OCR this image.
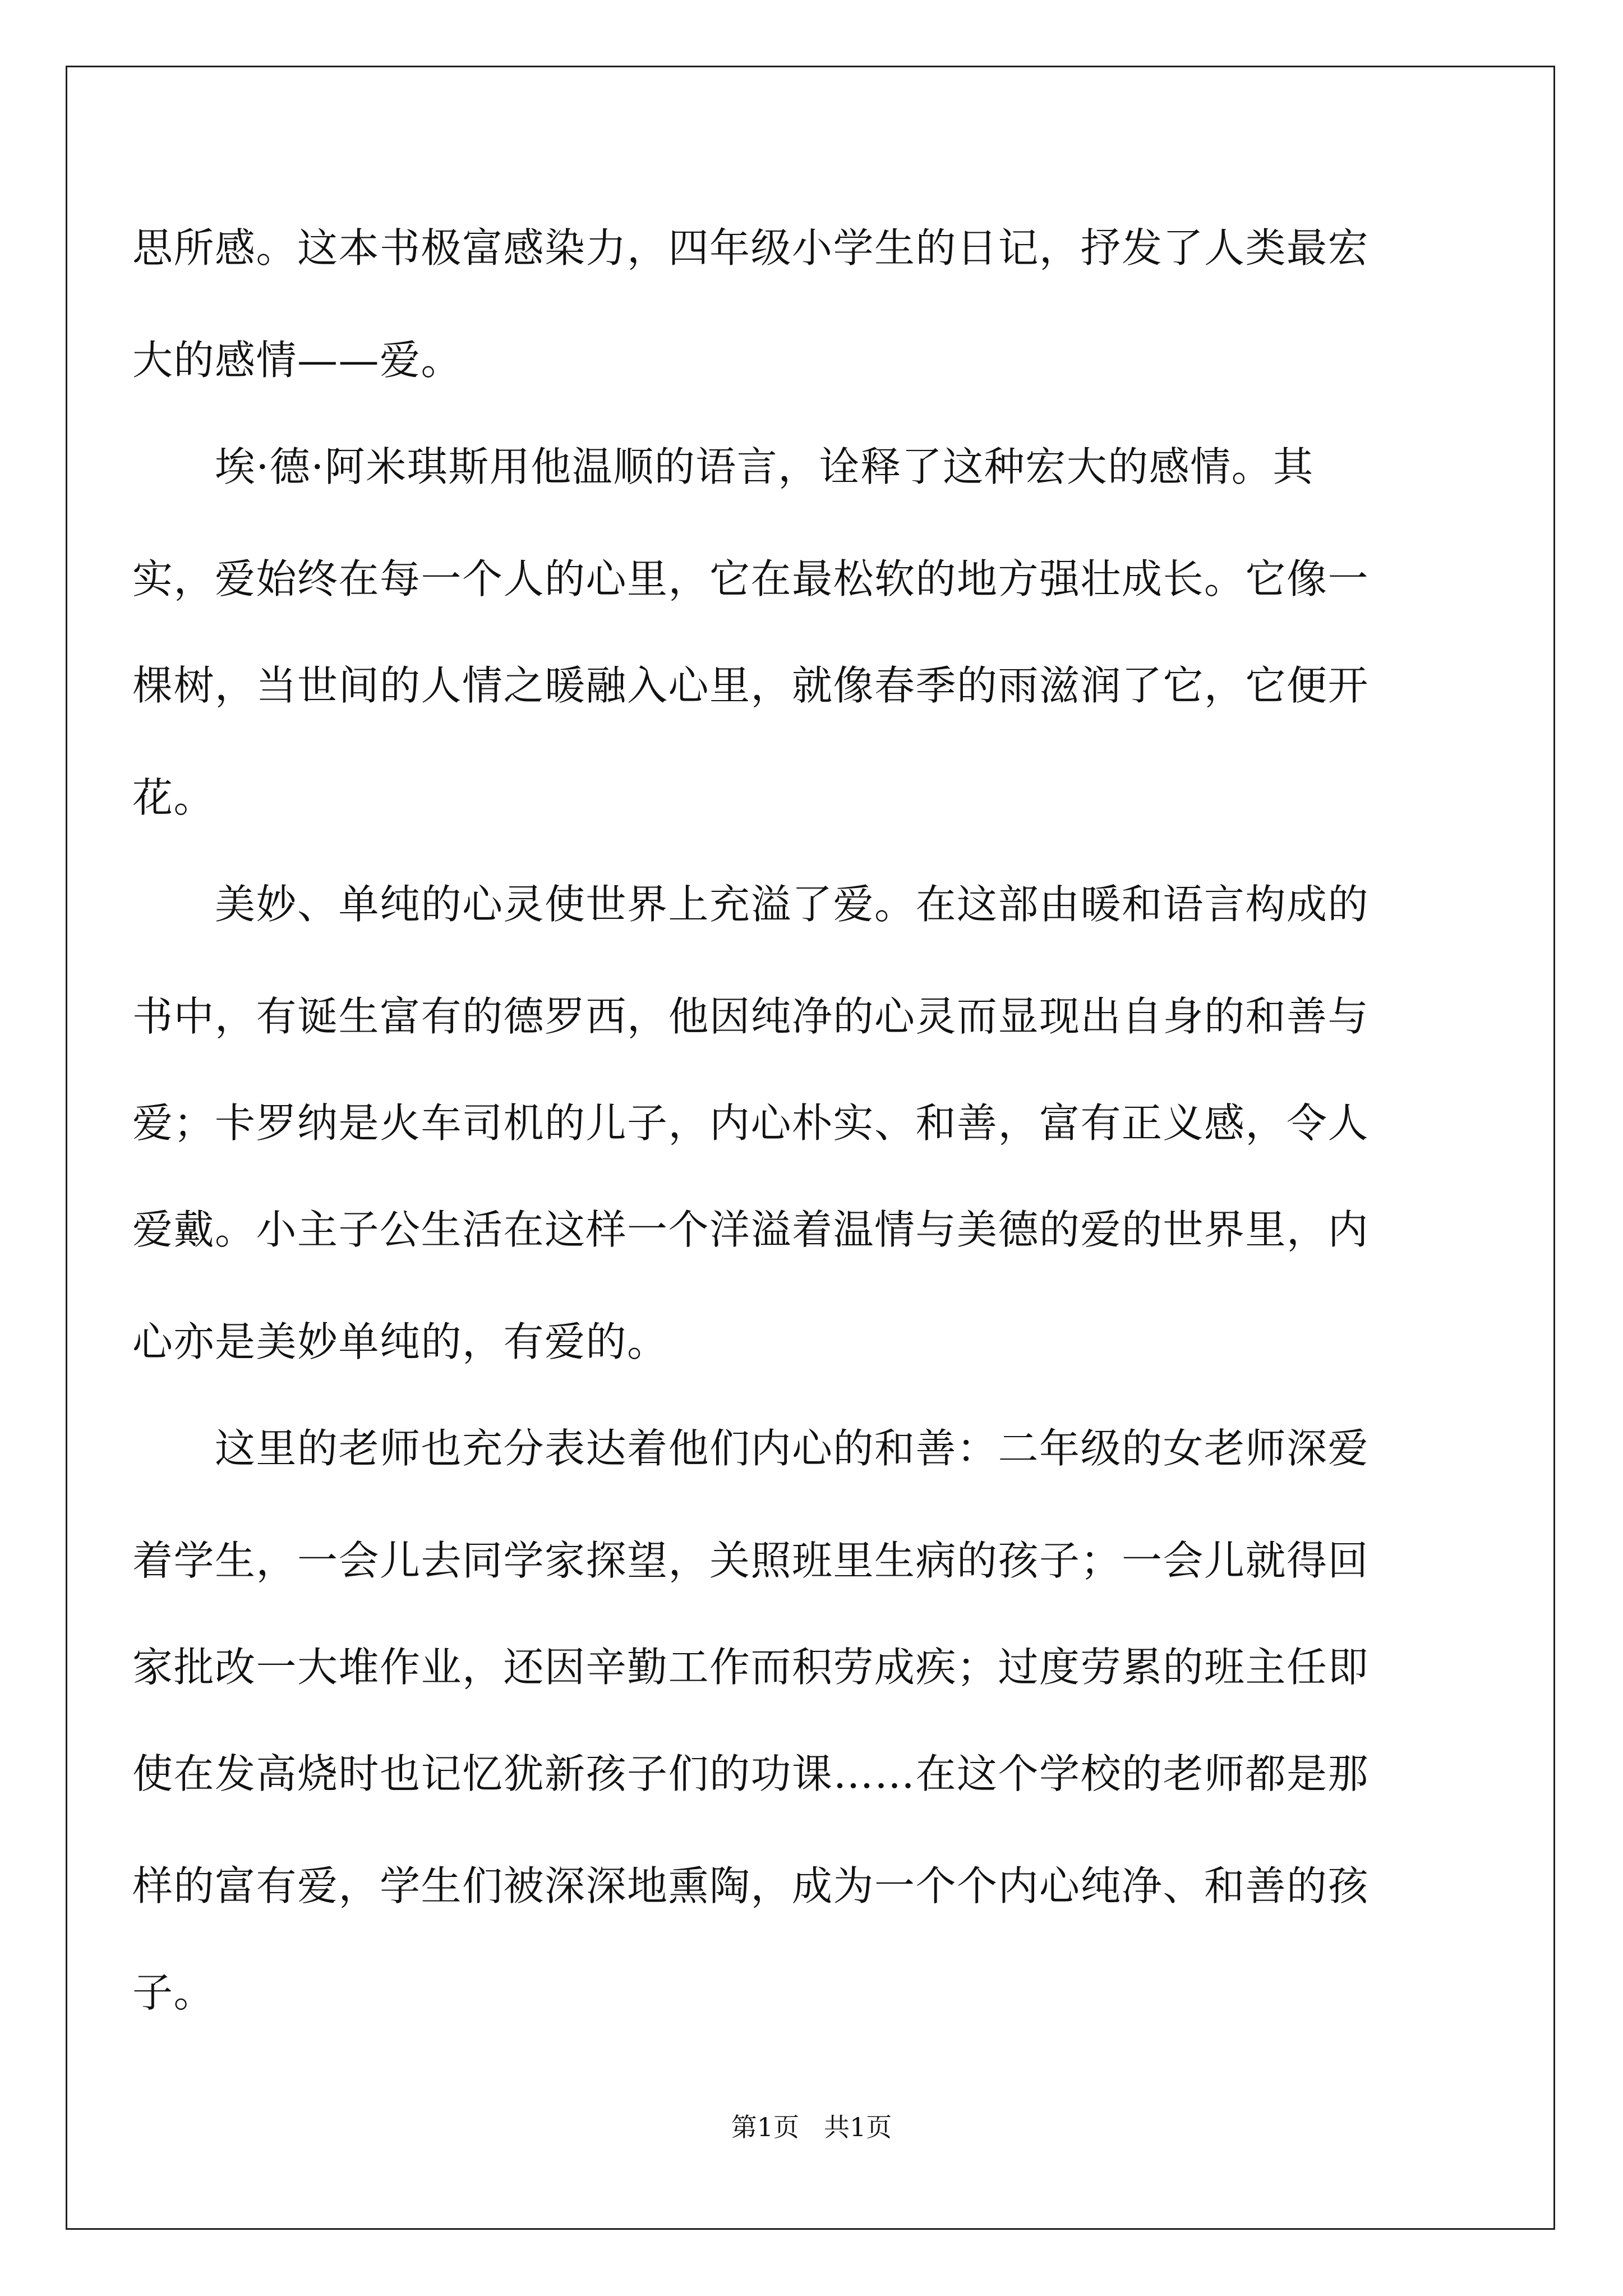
思所感。这本书极富感染力，四年级小学生的日记，抒发了人类最宏
大的感情——爱。
　　埃·德·阿米琪斯用他温顺的语言，诠释了这种宏大的感情。其
实，爱始终在每一个人的心里，它在最松软的地方强壮成长。它像一
棵树，当世间的人情之暖融入心里，就像春季的雨滋润了它，它便开
花。
　　美妙、单纯的心灵使世界上充溢了爱。在这部由暖和语言构成的
书中，有诞生富有的德罗西，他因纯净的心灵而显现出自身的和善与
爱；卡罗纳是火车司机的儿子，内心朴实、和善，富有正义感，令人
爱戴。小主子公生活在这样一个洋溢着温情与美德的爱的世界里，内
心亦是美妙单纯的，有爱的。
　　这里的老师也充分表达着他们内心的和善：二年级的女老师深爱
着学生，一会儿去同学家探望，关照班里生病的孩子；一会儿就得回
家批改一大堆作业，还因辛勤工作而积劳成疾；过度劳累的班主任即
使在发高烧时也记忆犹新孩子们的功课……在这个学校的老师都是那
样的富有爱，学生们被深深地熏陶，成为一个个内心纯净、和善的孩
子。
第1页 共1页
